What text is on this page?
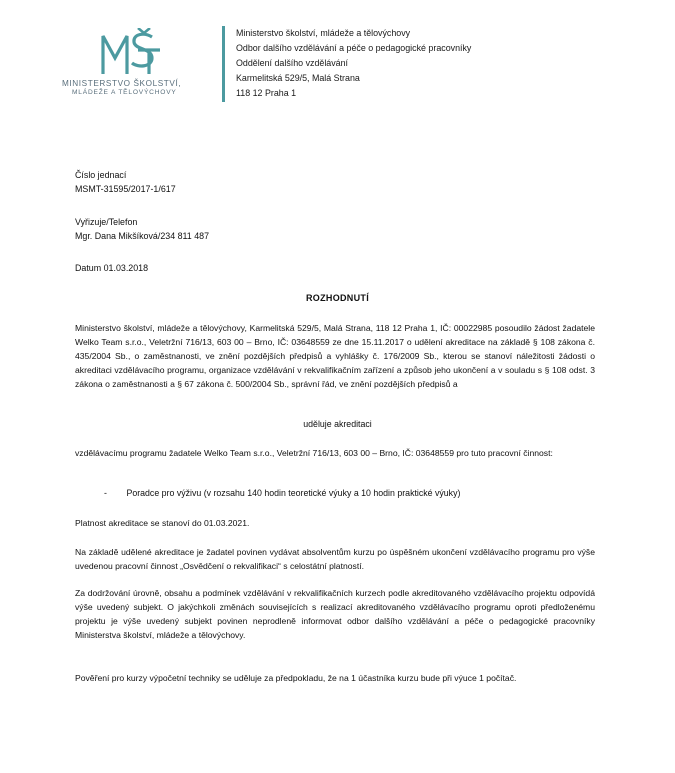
MINISTERSTVO ŠKOLSTVÍ,
MLÁDEŽE A TĚLOVÝCHOVY
Ministerstvo školství, mládeže a tělovýchovy
Odbor dalšího vzdělávání a péče o pedagogické pracovníky
Oddělení dalšího vzdělávání
Karmelitská 529/5, Malá Strana
118 12 Praha 1
Číslo jednací
MSMT-31595/2017-1/617
Vyřizuje/Telefon
Mgr. Dana Mikšíková/234 811 487
Datum 01.03.2018
ROZHODNUTÍ
Ministerstvo školství, mládeže a tělovýchovy, Karmelitská 529/5, Malá Strana, 118 12 Praha 1, IČ: 00022985 posoudilo žádost žadatele Welko Team s.r.o., Veletržní 716/13, 603 00 – Brno, IČ: 03648559 ze dne 15.11.2017 o udělení akreditace na základě § 108 zákona č. 435/2004 Sb., o zaměstnanosti, ve znění pozdějších předpisů a vyhlášky č. 176/2009 Sb., kterou se stanoví náležitosti žádosti o akreditaci vzdělávacího programu, organizace vzdělávání v rekvalifikačním zařízení a způsob jeho ukončení a v souladu s § 108 odst. 3 zákona o zaměstnanosti a § 67 zákona č. 500/2004 Sb., správní řád, ve znění pozdějších předpisů a
uděluje akreditaci
vzdělávacímu programu žadatele Welko Team s.r.o., Veletržní 716/13, 603 00 – Brno, IČ: 03648559 pro tuto pracovní činnost:
- Poradce pro výživu (v rozsahu 140 hodin teoretické výuky a 10 hodin praktické výuky)
Platnost akreditace se stanoví do 01.03.2021.
Na základě udělené akreditace je žadatel povinen vydávat absolventům kurzu po úspěšném ukončení vzdělávacího programu pro výše uvedenou pracovní činnost „Osvědčení o rekvalifikaci“ s celostátní platností.
Za dodržování úrovně, obsahu a podmínek vzdělávání v rekvalifikačních kurzech podle akreditovaného vzdělávacího projektu odpovídá výše uvedený subjekt. O jakýchkoli změnách souvisejících s realizací akreditovaného vzdělávacího programu oproti předloženému projektu je výše uvedený subjekt povinen neprodleně informovat odbor dalšího vzdělávání a péče o pedagogické pracovníky Ministerstva školství, mládeže a tělovýchovy.
Pověření pro kurzy výpočetní techniky se uděluje za předpokladu, že na 1 účastníka kurzu bude při výuce 1 počítač.
